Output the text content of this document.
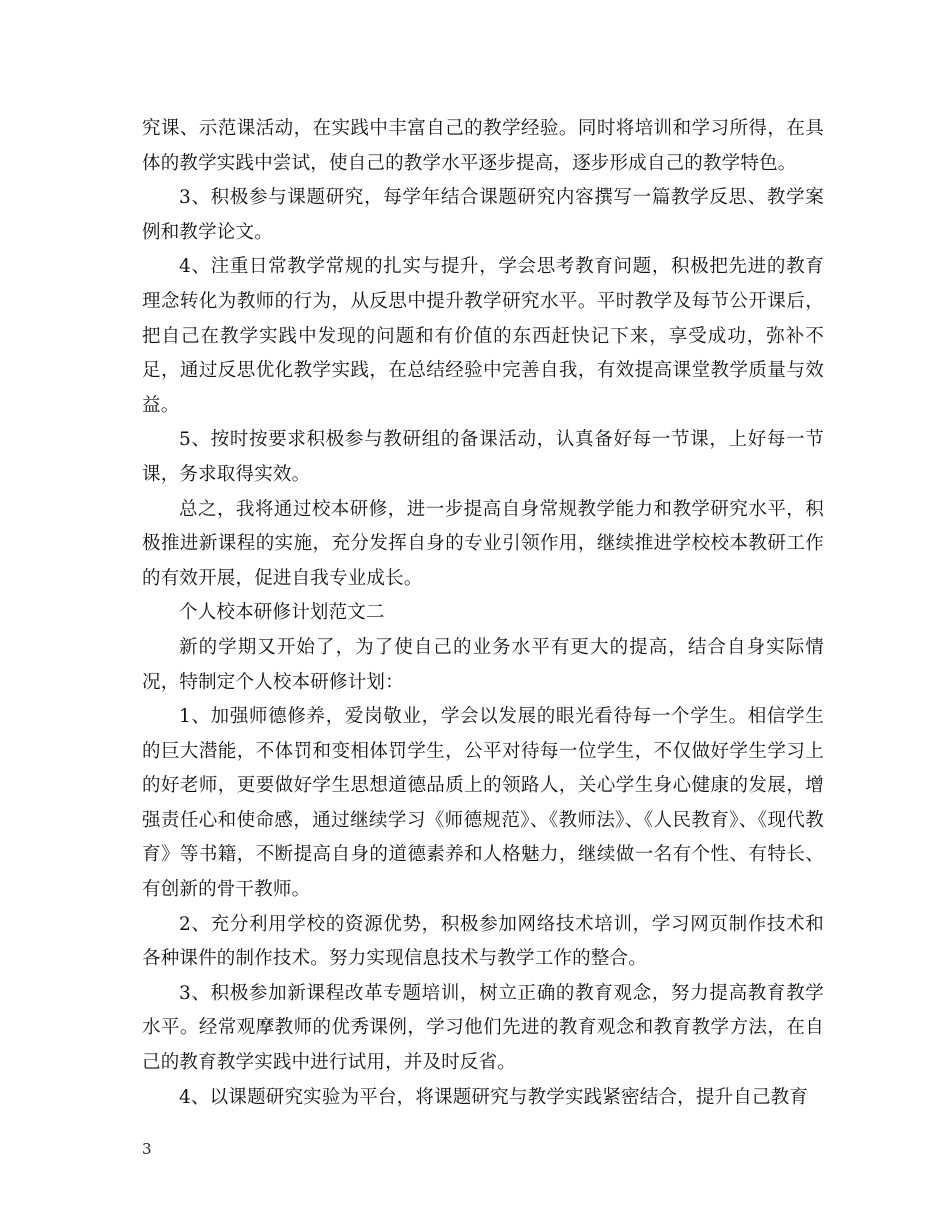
究课、示范课活动，在实践中丰富自己的教学经验。同时将培训和学习所得，在具体的教学实践中尝试，使自己的教学水平逐步提高，逐步形成自己的教学特色。

3、积极参与课题研究，每学年结合课题研究内容撰写一篇教学反思、教学案例和教学论文。

4、注重日常教学常规的扎实与提升，学会思考教育问题，积极把先进的教育理念转化为教师的行为，从反思中提升教学研究水平。平时教学及每节公开课后，把自己在教学实践中发现的问题和有价值的东西赶快记下来，享受成功，弥补不足，通过反思优化教学实践，在总结经验中完善自我，有效提高课堂教学质量与效益。

5、按时按要求积极参与教研组的备课活动，认真备好每一节课，上好每一节课，务求取得实效。

总之，我将通过校本研修，进一步提高自身常规教学能力和教学研究水平，积极推进新课程的实施，充分发挥自身的专业引领作用，继续推进学校校本教研工作的有效开展，促进自我专业成长。

个人校本研修计划范文二

新的学期又开始了，为了使自己的业务水平有更大的提高，结合自身实际情况，特制定个人校本研修计划：

1、加强师德修养，爱岗敬业，学会以发展的眼光看待每一个学生。相信学生的巨大潜能，不体罚和变相体罚学生，公平对待每一位学生，不仅做好学生学习上的好老师，更要做好学生思想道德品质上的领路人，关心学生身心健康的发展，增强责任心和使命感，通过继续学习《师德规范》、《教师法》、《人民教育》、《现代教育》等书籍，不断提高自身的道德素养和人格魅力，继续做一名有个性、有特长、有创新的骨干教师。

2、充分利用学校的资源优势，积极参加网络技术培训，学习网页制作技术和各种课件的制作技术。努力实现信息技术与教学工作的整合。

3、积极参加新课程改革专题培训，树立正确的教育观念，努力提高教育教学水平。经常观摩教师的优秀课例，学习他们先进的教育观念和教育教学方法，在自己的教育教学实践中进行试用，并及时反省。

4、以课题研究实验为平台，将课题研究与教学实践紧密结合，提升自己教育

3
